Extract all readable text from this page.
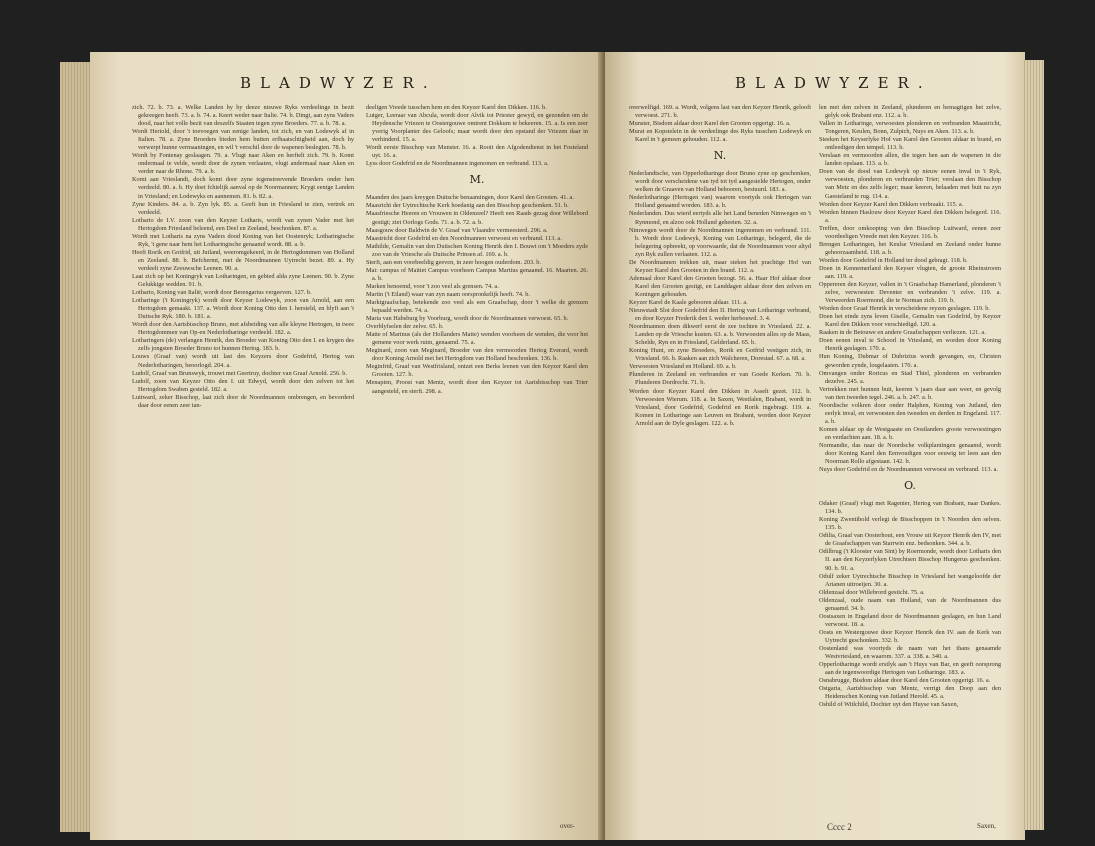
BLADWYZER.

zich. 72. b. 73. a. Welke Landen hy by deeze nieuwe Ryks verdeelinge in bezit gekreegen heeft. 73. a. b. 74. a. Keert weder naar Italie. 74. b. Dingt, aan zyns Vaders dood, naar het volle bezit van deszelfs Staaten tegen zyne Broeders. 77. a. b. 78. a.

Wordt Heriold, door 't toevoegen van eenige landen, tot zich, en van Lodewyk af in Italien. 78. a. Zyne Broeders bieden hem buiten erfhaatschtigheid aan, doch hy verwerpt hunne vermaaningen, en wil 't verschil door de wapenen beslegten. 78. b.

Wordt by Fontenay geslaagen. 79. a. Vlugt naar Aken en herftelt zich. 79. b. Komt ondermaal te velde, wordt door de zynen verlaaten, vlugt andermaal naar Aken en verder naar de Rhone. 79. a. b.

Komt aan Vrieslandt, doch komt door zyne tegenstreevende Broeders onder hen verdeeld. 80. a. b. Hy doet fchielijk aanval op de Noormannen; Krygt eenige Landen in Vriesland; en Lodewyks en aannemen. 81. b. 82. a.

Zyne Kinders. 84. a. b. Zyn lyk. 85. a. Geeft hun in Friesland te zien, vertrek en verdeeld.

Lothario de I.V. zoon van den Keyzer Lotharis, wordt van zynen Vader met het Hertogdom Friesland beleend, een Deel en Zeeland, beschonken. 87. a.

Wordt met Lotharis na zyns Vaders dood Koning van het Oostenryk; Lotharingische Ryk, 't gene naar hem het Lotharingische genaamd wordt. 88. a. b.

Heeft Rorik en Gotfrid, uit Jutland, weeromgekeerd, in de Hertogdommen van Holland en Zeeland. 88. b. Befchermt, met de Noordmannen Uytrecht bezet. 89. a. Hy verdeelt zyne Zeeuwsche Leenen. 90. a.

Laat zich op het Koningryk van Lotharingen, en gebied alda zyne Leenen. 90. b. Zyne Gelukkige wedden. 91. b.

Lothario, Koning van Italië, wordt door Berengarius vergeeven. 127. b.

Lotharinge ('t Koningryk) wordt door Keyzer Lodewyk, zoon van Arnold, aan een Hertogdom gemaakt. 137. a. Wordt door Koning Otto den I. hersteld, en blyft aan 't Duitsche Ryk. 180. b. 181. a.

Wordt door den Aartsbisschop Bruno, met afsbeiding van alle kleyne Hertogen, in twee Hertogdommen van Op-en Nederlotharinge verdeeld. 182. a.

Lotharingers (de) verlangen Henrik, den Broeder van Koning Otto den I. en krygen des zelfs jongsten Broeder Bruno tot hunnen Hertog. 183. b.

Louws (Graaf van) wordt uit last des Keyzers door Godefrid, Hertog van Nederlotharingen, beoorlogd. 204. a.

Ludolf, Graaf van Brunswyk, trouwt met Geertruy, dochter van Graaf Arnold. 256. b.

Ludolf, zoon van Keyzer Otto den I. uit Edwyd, wordt door den zelven tot het Hertogdom Swaben gesteld. 182. a.

Luitward, zeker Bisschop, laat zich door de Noordmannen ombrengen, en bevorderd daar door eenen zeer tan-

deeligen Vreede tusschen hem en den Keyzer Karel den Dikken. 116. b.

Lutger, Leeraar van Abcula, wordt door Alvik tot Priester gewyd, en gezonden om de Heydensche Vriezen te Oostergouwe omtrent Dokkum te bekeeren. 15. a. Is een zeer yverig Voorplanter des Geloofs; maar wordt door den opstand der Vriezen daar in verhinderd. 15. a.

Wordt eerste Bisschop van Munster. 16. a. Rooit den Afgodendienst in het Fosteland uyt. 16. a.

Lyss door Godefrid en de Noordmannen ingenomen en verbrand. 113. a.

M.

Maanden des jaars kreygen Duitsche benaamingen, door Karel den Grooten. 41. a.

Maasricht der Uytrechtsche Kerk hoedanig aan den Bisschop geschonken. 51. b.

Maasfriesche Heeren en Vrouwen in Oldenzeel? Heeft een Raads gezag door Willebord gestigt; ziet Oorlogs Gods. 71. a. b. 72. a. b.

Maasgouw door Baldwin de V. Graaf van Vlaandre vermeesterd. 296. a.

Maastricht door Godefrid en den Noordmannen verwoest en verbrand. 113. a.

Mathilde, Gemalin van den Duitschen Koning Henrik den I. Bouwt om 't Moeders zyde zoo van de Vriesche als Duitsche Prinsen af. 169. a. b.

Sterft, aan een voorbeeldig geeven, in zeer hoogen ouderdom. 203. b.

Mai: campus of Maitiet Campus voorheen Campus Martius genaamd. 16. Maarten. 26. a. b.

Marken benoemd, voor 't zoo veel als grensen. 74. a.

Martin ('t Eiland) waar van zyn naam oorspronkelijk heeft. 74. b.

Marktgraafschap, betekende zoo veel als een Graafschap, door 't welke de grenzen bepaald werden. 74. a.

Maria van Habsburg by Voorburg, wordt door de Noordmannen verwoest. 65. b.

Overblyfselen der zelve. 65. b.

Matte of Marinus (als der Hollanders Matte) wenden voorheen de wenden, die voor het gemene voor werk ruim, genaamd. 75. a.

Meginard, zoon van Meginard, Broeder van den vermoorden Hertog Everard, wordt door Koning Arnold met het Hertogdom van Holland beschonken. 136. b.

Meginfrid, Graaf van Westfrisland, ontzet een Berks leenen van den Keyzer Karel den Grooten. 127. b.

Menapien, Proost van Mentz, wordt door den Keyzer tot Aartsbisschop van Trier aangesteld, en sterft. 298. a.

over-
BLADWYZER.

overwelfigd. 169. a. Wordt, volgens last van den Keyzer Henrik, gelooft verwoest. 271. b.

Munster, Bisdom aldaar door Karel den Grooten opgerigt. 16. a.

Murat en Kopstelein in de verdeelinge des Ryks tusschen Lodewyk en Karel in 't gemeen gehouden. 112. a.

N.

Nederlandtsche, van Opperlotharinge door Bruno zyne op geschonken, wordt door verscheidene van tyd tot tyd aangestelde Hertogen, onder welken de Graaven van Holland behooren, bestuurd. 183. a.

Nederlotharinge (Hertogen van) waarom voortyds ook Hertogen van Holland genaamd worden. 183. a. b.

Nederlanden. Dus wierd eertyds alle het Land beneden Nimwegen en 't Rynmond, en alzoo ook Holland geheeten. 32. a.

Nimwegen wordt door de Noordmannen ingenomen en verbrand. 111. b. Wordt door Lodewyk, Koning van Lotharinge, belegerd, die de belegering opbreekt, op voorwaarde, dat de Noordmannen voor altyd zyn Ryk zullen verlaaten. 112. a.

De Noordmannen trekken uit, maar steken het prachtige Hof van Keyzer Karel den Grooten in den brand. 112. a.

Ademaal door Karel den Grooten bezogt. 56. a. Haar Hof aldaar door Karel den Grooten gestigt, en Landdagen aldaar door den zelven en Koningen gehouden.

Keyzer Karel de Kaale gebooren aldaar. 111. a.

Nieuwstadt Slot door Godefrid den II. Hertog van Lotharinge verbrand, en door Keyzer Frederik den I. weder herbouwd. 3. 4.

Noordmannen doen dikwerf eerst de zee tochten in Vriesland. 22. a. Landen op de Vriesche kusten. 63. a. b. Verwoesten alles op de Maas, Schelde, Ryn en in Friesland, Gelderland. 65. b.

Koning Hunt, en zyne Broeders, Rorik en Gotfrid vestigen zich, in Vriesland. 66. b. Raaken aan zich Walcheren, Dorestad. 67. a. 68. a.

Verwoesten Vriesland en Holland. 69. a. b.

Plunderen in Zeeland en verbranden er van Goede Kerken. 70. b. Plunderen Dordrecht. 71. b.

Worden door Keyzer Karel den Dikken in Asselt gezet. 112. b. Verwoesten Wierum. 118. a. In Saxen, Westfalen, Brabant, wordt in Vriesland, door Godefrid, Godefrid en Rorik ingebragt. 119. a. Komen in Lotharinge aan Leuven en Brabant, worden door Keyzer Arnold aan de Dyle geslagen. 122. a. b.

len met den zelven in Zeeland, plunderen en bemagtigen het zelve, gelyk ook Brabant enz. 112. a. b.

Vallen in Lotharinge, verwoesten plonderen en verbranden Maastricht, Tongeren, Keulen, Bonn, Zulpich, Nuys en Aken. 113. a. b.

Steeken het Keyserlyke Hof van Karel den Grooten aldaar in brand, en ontleedigen den tempel. 113. b.

Verslaan en vermoorden allen, die tegen hen aan de wapenen in die landen opslaan. 113. a. b.

Doen van de dood van Lodewyk op nieuw eenen inval in 't Ryk, verwoesten, plonderen en verbranden Trier; verslaan den Bisschop van Metz en des zelfs leger; maar keeren, belaaden met buit na zyn Gaesteland te rug. 114. a.

Worden door Keyzer Karel den Dikken verbraakt. 115. a.

Worden binnen Haslouw door Keyzer Karel den Dikken belegerd. 116. a.

Treffen, door omkooping van den Bisschop Luitward, eenen zeer voordeeligen Vreede met den Keyzer. 116. b.

Brengen Lotharingen, het Keulse Vriesland en Zeeland onder hunne gehoorzaamheid. 118. a. b.

Worden door Godefrid in Holland ter dood gebragt. 118. b.

Doen in Kennemerland den Keyser vlugten, de groote Rheinstroom aan. 119. a.

Oppereren den Keyzer, vallen in 't Graafschap Hamerland, plonderen 't zelve, verwoesten Deventer en verbranden 't zelve. 119. a. Verweerden Roermond, die te Norman zich. 119. b.

Worden door Graaf Henrik in verscheidene reyzen geslagen. 119. b.

Doen het einde zyns leven Giselle, Gemalin van Godefrid, by Keyzer Karel den Dikken voor verschiedigd. 120. a.

Raaken in de Betouwe en andere Graafschappen verliezen. 121. a.

Doen eenen inval te Schoorl in Vriesland, en worden door Koning Henrik geslagen. 170. a.

Hun Koning, Dubmar of Dubrizius wordt gevangen, en, Christen geworden zynde, losgelaaten. 170. a.

Omvangen onder Roricus en Stad Thiel, plonderen en verbranden dezelve. 245. a.

Vertrekken met hunnen buit, keeren 's jaars daar aan weer, en gevolg van tien tweeden tegel. 246. a. b. 247. a. b.

Noordische volkren door onder Halphen, Koning van Jutland, den eerlyk inval, en verwoesten den tweeden en derden in Engeland. 117. a. b.

Komen aldaar op de Westgaaste en Oostlanders groote verwoestingen en verdachten aan. 18. a. b.

Normandie, das naar de Noordsche volkplantingen genaamd, wordt door Koning Karel den Eenvoudigen voor eeuwig ter leen aan den Noorman Rollo afgestaan. 142. b.

Nuys door Godefrid en de Noordmannen verwoest en verbrand. 113. a.

O.

Odaker (Graaf) vlugt met Ragenier, Hertog van Brabant, naar Dankes. 134. b.

Koning Zwentibold verlegt de Bisschoppen in 't Noorden den selven. 135. b.

Odilia, Graaf van Oosterhout, een Vrouw uit Keyzer Henrik den IV, met de Graafschappen van Starrwin enz. bedsonken. 344. a. b.

Odilbrug ('t Klooster van Sint) by Roermonde, wordt door Lotharis den II. aan den Keyzerlyken Utrechtsen Bisschop Hungerus geschonken. 90. b. 91. a.

Odulf zeker Uytrechtsche Bisschop in Vriesland het wangeloofde der Arianen uitroeijen. 30. a.

Oldenzaal door Willebrord gesticht. 75. a.

Oldenzaal, oude naam van Holland, van de Noordmannen dus genaamd. 34. b.

Oostsaxen in Engeland door de Noordmannen geslagen, en hun Land verwoest. 18. a.

Oosts en Westergouwe door Keyzer Henrik den IV. aan de Kerk van Uytrecht geschonken. 332. b.

Oostenland was voortyds de naam van het thans genaamde Westvriesland, en waarom. 337. a. 338. a. 340. a.

Opperlotharinge wordt erstlyk aan 't Huys van Bar, en geeft oorsprong aan de tegenwoordige Hertogen van Lotharinge. 183. a.

Osnabrugge, Bisdom aldaar door Karel den Grooten opgerigt. 16. a.

Ostgaria, Aartsbisschop van Mentz, verrigt den Doop aan den Heidenschen Koning van Jutland Herold. 45. a.

Oshild of Witlchild, Dochter uyt den Huyse van Saxen,

Cccc 2	Saxen,
